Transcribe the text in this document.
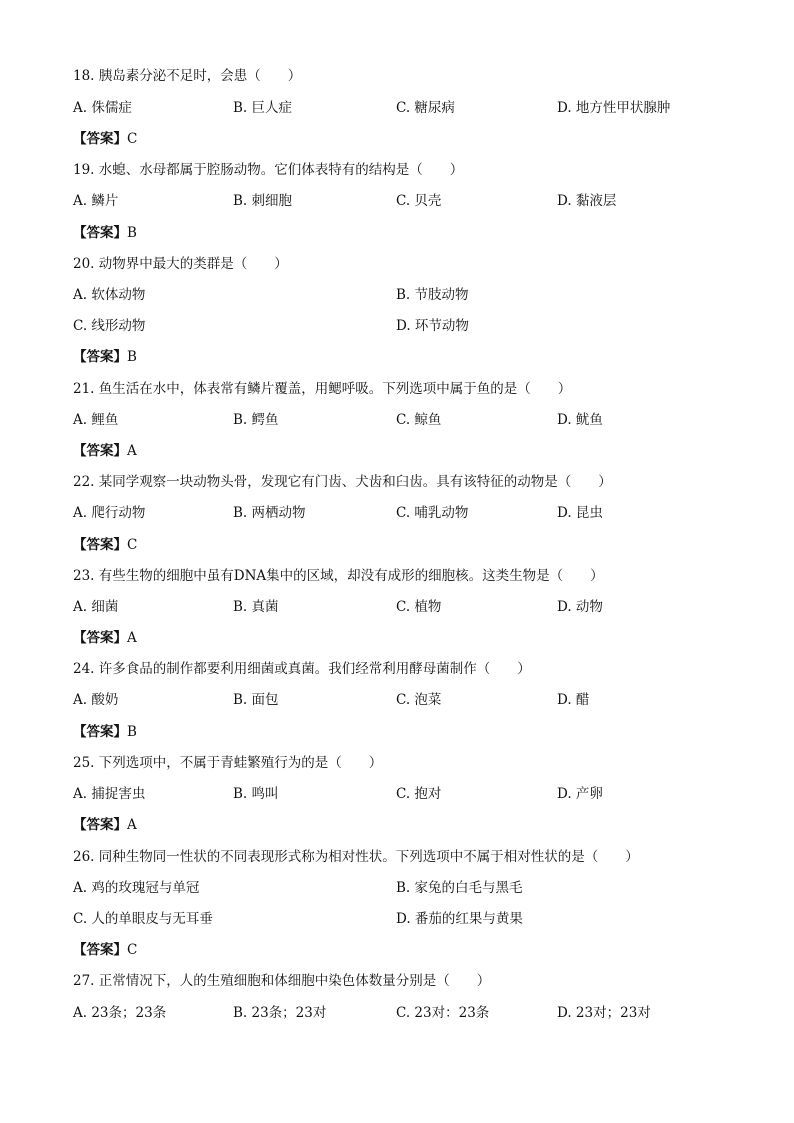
18. 胰岛素分泌不足时，会患（　　）
A. 侏儒症	B. 巨人症	C. 糖尿病	D. 地方性甲状腺肿
【答案】C
19. 水螅、水母都属于腔肠动物。它们体表特有的结构是（　　）
A. 鳞片	B. 刺细胞	C. 贝壳	D. 黏液层
【答案】B
20. 动物界中最大的类群是（　　）
A. 软体动物	B. 节肢动物
C. 线形动物	D. 环节动物
【答案】B
21. 鱼生活在水中，体表常有鳞片覆盖，用鳃呼吸。下列选项中属于鱼的是（　　）
A. 鲤鱼	B. 鳄鱼	C. 鲸鱼	D. 鱿鱼
【答案】A
22. 某同学观察一块动物头骨，发现它有门齿、犬齿和臼齿。具有该特征的动物是（　　）
A. 爬行动物	B. 两栖动物	C. 哺乳动物	D. 昆虫
【答案】C
23. 有些生物的细胞中虽有DNA集中的区域，却没有成形的细胞核。这类生物是（　　）
A. 细菌	B. 真菌	C. 植物	D. 动物
【答案】A
24. 许多食品的制作都要利用细菌或真菌。我们经常利用酵母菌制作（　　）
A. 酸奶	B. 面包	C. 泡菜	D. 醋
【答案】B
25. 下列选项中，不属于青蛙繁殖行为的是（　　）
A. 捕捉害虫	B. 鸣叫	C. 抱对	D. 产卵
【答案】A
26. 同种生物同一性状的不同表现形式称为相对性状。下列选项中不属于相对性状的是（　　）
A. 鸡的玫瑰冠与单冠	B. 家兔的白毛与黑毛
C. 人的单眼皮与无耳垂	D. 番茄的红果与黄果
【答案】C
27. 正常情况下，人的生殖细胞和体细胞中染色体数量分别是（　　）
A. 23条；23条	B. 23条；23对	C. 23对：23条	D. 23对；23对
